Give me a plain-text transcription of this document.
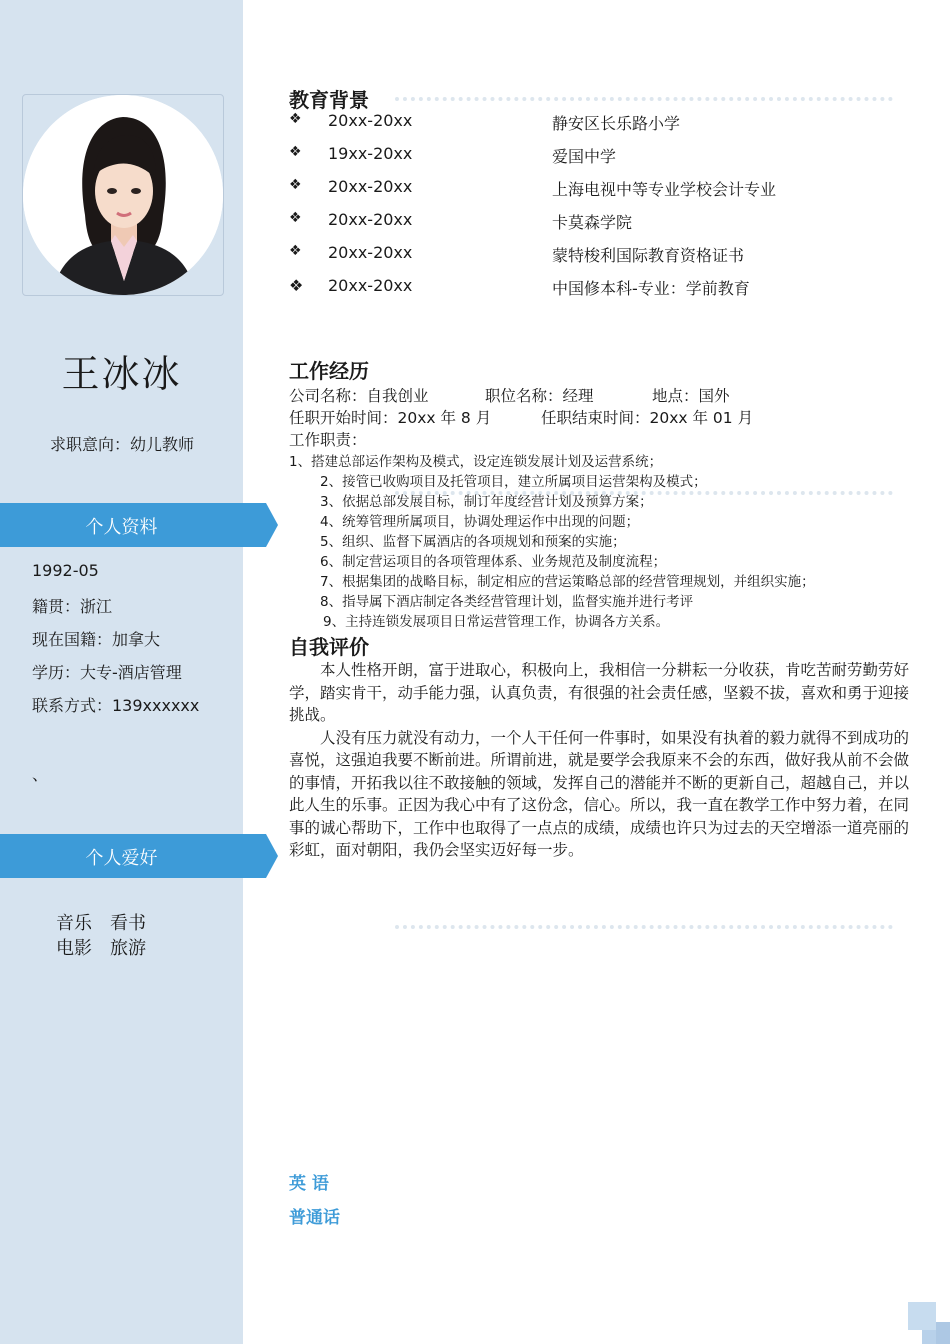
王冰冰
求职意向：幼儿教师
个人资料
1992-05
籍贯：浙江
现在国籍：加拿大
学历：大专-酒店管理
联系方式：139xxxxxx
、
个人爱好
音乐 看书
电影 旅游
教育背景
❖ 20xx-20xx	静安区长乐路小学
❖ 19xx-20xx	爱国中学
❖ 20xx-20xx	上海电视中等专业学校会计专业
❖ 20xx-20xx	卡莫森学院
❖ 20xx-20xx	蒙特梭利国际教育资格证书
❖ 20xx-20xx	中国修本科-专业：学前教育
工作经历
公司名称：自我创业	职位名称：经理	地点：国外
任职开始时间：20xx 年 8 月	任职结束时间：20xx 年 01 月
工作职责：
1、搭建总部运作架构及模式，设定连锁发展计划及运营系统；
2、接管已收购项目及托管项目，建立所属项目运营架构及模式；
3、依据总部发展目标，制订年度经营计划及预算方案；
4、统筹管理所属项目，协调处理运作中出现的问题；
5、组织、监督下属酒店的各项规划和预案的实施；
6、制定营运项目的各项管理体系、业务规范及制度流程；
7、根据集团的战略目标，制定相应的营运策略总部的经营管理规划，并组织实施；
8、指导属下酒店制定各类经营管理计划，监督实施并进行考评
9、主持连锁发展项目日常运营管理工作，协调各方关系。
自我评价

本人性格开朗，富于进取心，积极向上，我相信一分耕耘一分收获，肯吃苦耐劳勤劳好学，踏实肯干，动手能力强，认真负责，有很强的社会责任感，坚毅不拔，喜欢和勇于迎接挑战。

人没有压力就没有动力，一个人干任何一件事时，如果没有执着的毅力就得不到成功的喜悦，这强迫我要不断前进。所谓前进，就是要学会我原来不会的东西，做好我从前不会做的事情，开拓我以往不敢接触的领域，发挥自己的潜能并不断的更新自己，超越自己，并以此人生的乐事。正因为我心中有了这份念，信心。所以，我一直在教学工作中努力着，在同事的诚心帮助下，工作中也取得了一点点的成绩，成绩也许只为过去的天空增添一道亮丽的彩虹，面对朝阳，我仍会坚实迈好每一步。

英 语
普通话
